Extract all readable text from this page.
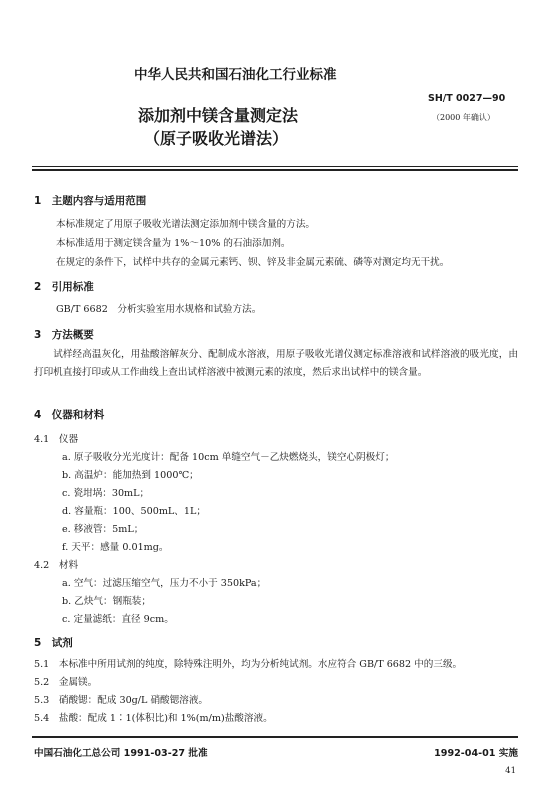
中华人民共和国石油化工行业标准
添加剂中镁含量测定法
（原子吸收光谱法）
SH/T 0027—90
（2000 年确认）
1　主题内容与适用范围
本标准规定了用原子吸收光谱法测定添加剂中镁含量的方法。
本标准适用于测定镁含量为 1%～10% 的石油添加剂。
在规定的条件下，试样中共存的金属元素钙、钡、锌及非金属元素硫、磷等对测定均无干扰。
2　引用标准
GB/T 6682　分析实验室用水规格和试验方法。
3　方法概要
试样经高温灰化，用盐酸溶解灰分、配制成水溶液，用原子吸收光谱仪测定标准溶液和试样溶液的吸光度，由打印机直接打印或从工作曲线上查出试样溶液中被测元素的浓度，然后求出试样中的镁含量。
4　仪器和材料
4.1　仪器
a. 原子吸收分光光度计：配备 10cm 单缝空气－乙炔燃烧头，镁空心阴极灯；
b. 高温炉：能加热到 1000℃；
c. 瓷坩埚：30mL；
d. 容量瓶：100、500mL、1L；
e. 移液管：5mL；
f. 天平：感量 0.01mg。
4.2　材料
a. 空气：过滤压缩空气，压力不小于 350kPa；
b. 乙炔气：钢瓶装；
c. 定量滤纸：直径 9cm。
5　试剂
5.1　本标准中所用试剂的纯度，除特殊注明外，均为分析纯试剂。水应符合 GB/T 6682 中的三级。
5.2　金属镁。
5.3　硝酸锶：配成 30g/L 硝酸锶溶液。
5.4　盐酸：配成 1∶1(体积比)和 1%(m/m)盐酸溶液。
中国石油化工总公司 1991-03-27 批准	1992-04-01 实施
41
